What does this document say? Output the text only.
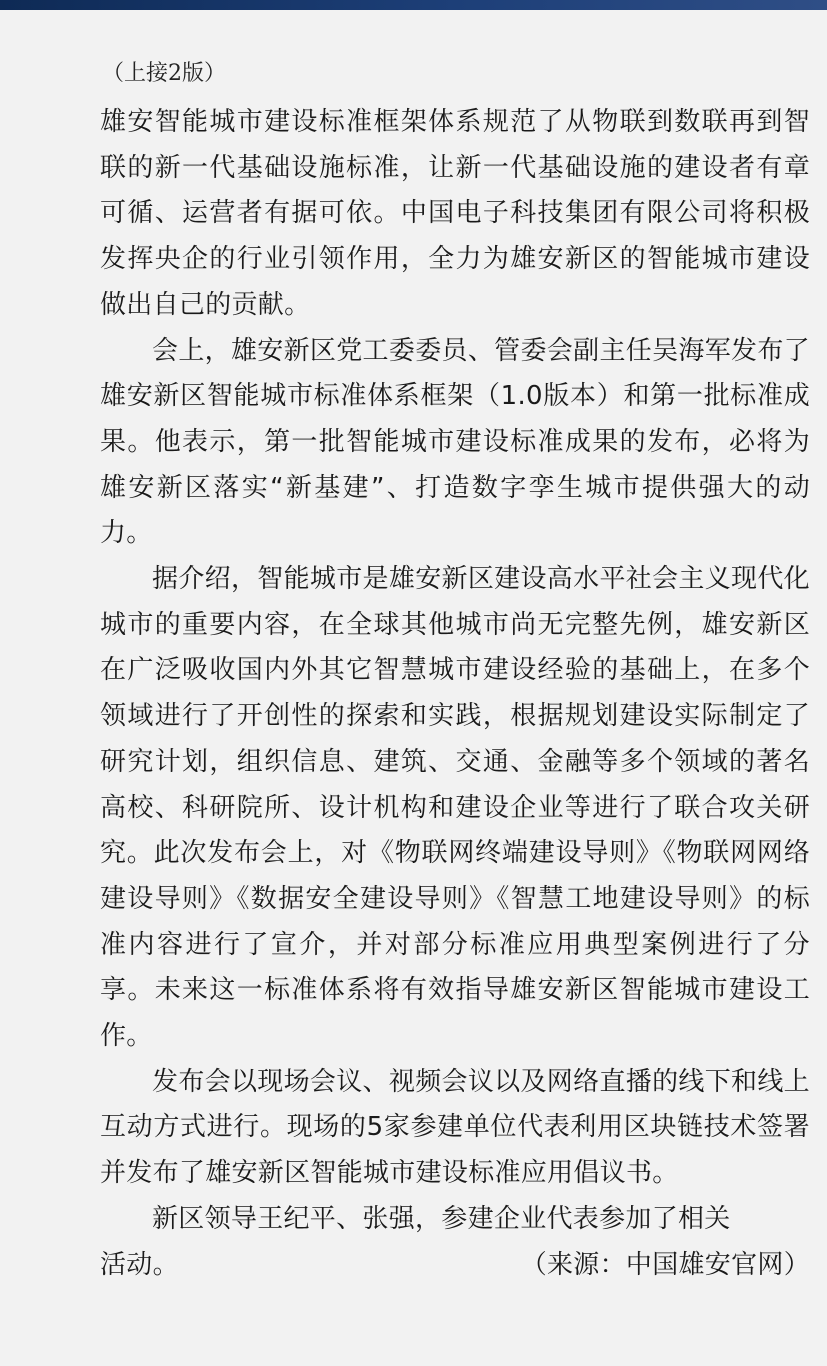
（上接2版）

雄安智能城市建设标准框架体系规范了从物联到数联再到智联的新一代基础设施标准，让新一代基础设施的建设者有章可循、运营者有据可依。中国电子科技集团有限公司将积极发挥央企的行业引领作用，全力为雄安新区的智能城市建设做出自己的贡献。

会上，雄安新区党工委委员、管委会副主任吴海军发布了雄安新区智能城市标准体系框架（1.0版本）和第一批标准成果。他表示，第一批智能城市建设标准成果的发布，必将为雄安新区落实“新基建”、打造数字孪生城市提供强大的动力。

据介绍，智能城市是雄安新区建设高水平社会主义现代化城市的重要内容，在全球其他城市尚无完整先例，雄安新区在广泛吸收国内外其它智慧城市建设经验的基础上，在多个领域进行了开创性的探索和实践，根据规划建设实际制定了研究计划，组织信息、建筑、交通、金融等多个领域的著名高校、科研院所、设计机构和建设企业等进行了联合攻关研究。此次发布会上，对《物联网终端建设导则》《物联网网络建设导则》《数据安全建设导则》《智慧工地建设导则》的标准内容进行了宣介，并对部分标准应用典型案例进行了分享。未来这一标准体系将有效指导雄安新区智能城市建设工作。

发布会以现场会议、视频会议以及网络直播的线下和线上互动方式进行。现场的5家参建单位代表利用区块链技术签署并发布了雄安新区智能城市建设标准应用倡议书。

新区领导王纪平、张强，参建企业代表参加了相关

活动。	（来源：中国雄安官网）
